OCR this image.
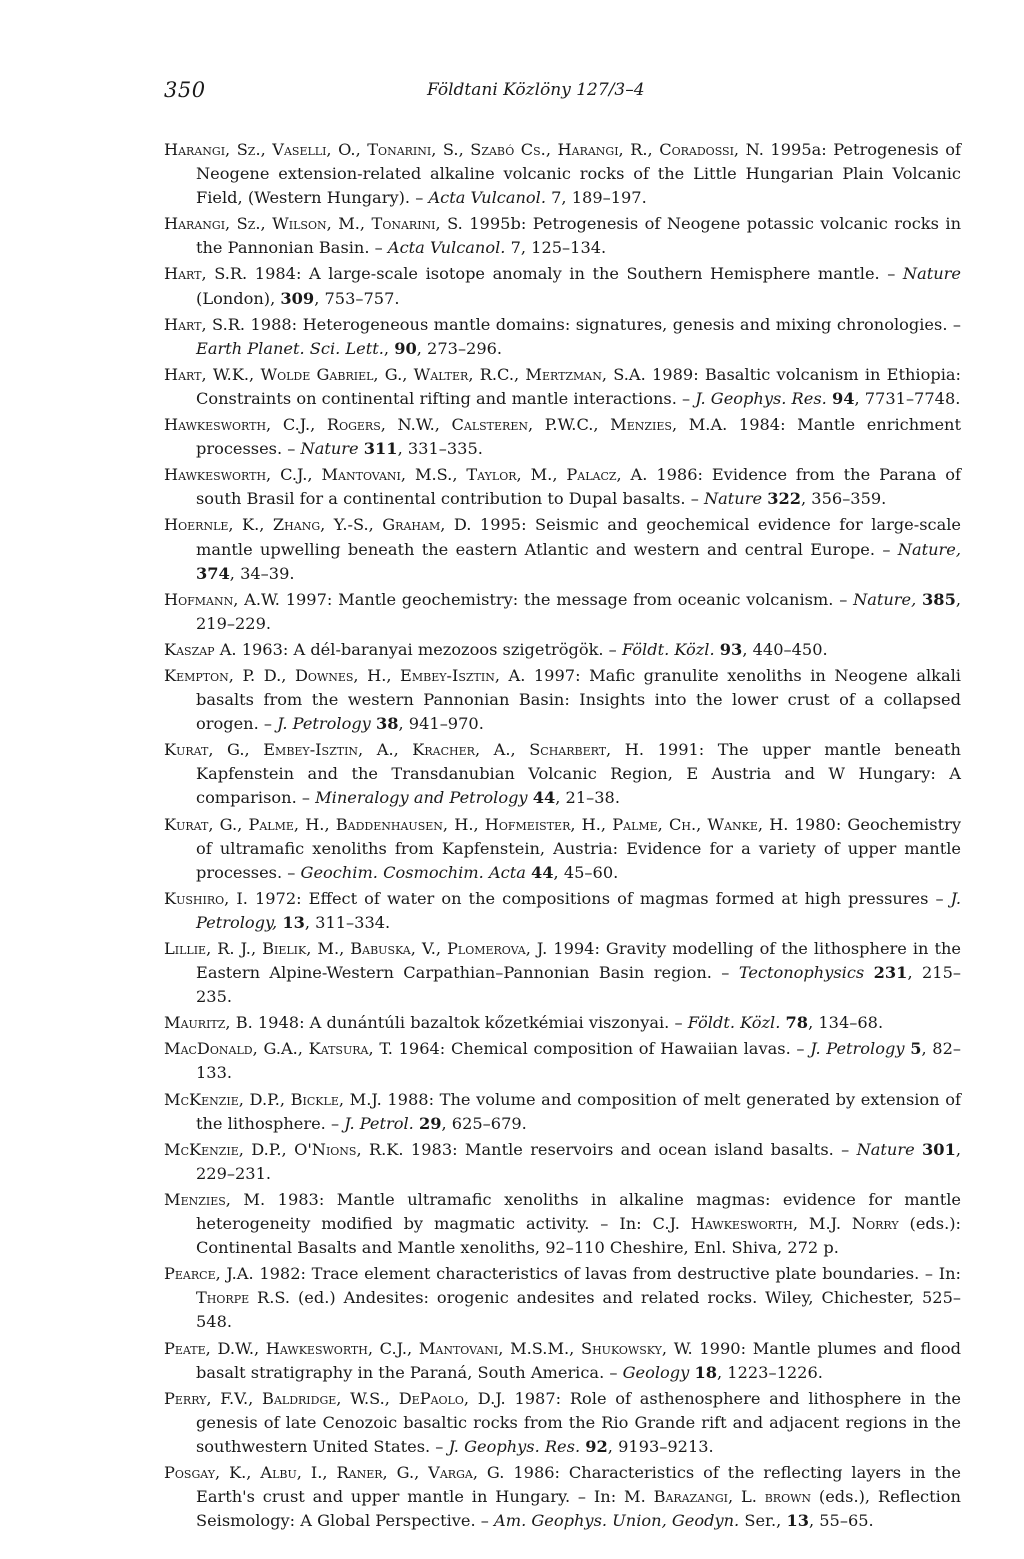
350	Földtani Közlöny 127/3–4

Harangi, Sz., Vaselli, O., Tonarini, S., Szabó Cs., Harangi, R., Coradossi, N. 1995a: Petrogenesis of Neogene extension-related alkaline volcanic rocks of the Little Hungarian Plain Volcanic Field, (Western Hungary). – Acta Vulcanol. 7, 189–197.

Harangi, Sz., Wilson, M., Tonarini, S. 1995b: Petrogenesis of Neogene potassic volcanic rocks in the Pannonian Basin. – Acta Vulcanol. 7, 125–134.

Hart, S.R. 1984: A large-scale isotope anomaly in the Southern Hemisphere mantle. – Nature (London), 309, 753–757.

Hart, S.R. 1988: Heterogeneous mantle domains: signatures, genesis and mixing chronologies. – Earth Planet. Sci. Lett., 90, 273–296.

Hart, W.K., Wolde Gabriel, G., Walter, R.C., Mertzman, S.A. 1989: Basaltic volcanism in Ethiopia: Constraints on continental rifting and mantle interactions. – J. Geophys. Res. 94, 7731–7748.

Hawkesworth, C.J., Rogers, N.W., Calsteren, P.W.C., Menzies, M.A. 1984: Mantle enrichment processes. – Nature 311, 331–335.

Hawkesworth, C.J., Mantovani, M.S., Taylor, M., Palacz, A. 1986: Evidence from the Parana of south Brasil for a continental contribution to Dupal basalts. – Nature 322, 356–359.

Hoernle, K., Zhang, Y.-S., Graham, D. 1995: Seismic and geochemical evidence for large-scale mantle upwelling beneath the eastern Atlantic and western and central Europe. – Nature, 374, 34–39.

Hofmann, A.W. 1997: Mantle geochemistry: the message from oceanic volcanism. – Nature, 385, 219–229.

Kaszap A. 1963: A dél-baranyai mezozoos szigetrögök. – Földt. Közl. 93, 440–450.

Kempton, P. D., Downes, H., Embey-Isztin, A. 1997: Mafic granulite xenoliths in Neogene alkali basalts from the western Pannonian Basin: Insights into the lower crust of a collapsed orogen. – J. Petrology 38, 941–970.

Kurat, G., Embey-Isztin, A., Kracher, A., Scharbert, H. 1991: The upper mantle beneath Kapfenstein and the Transdanubian Volcanic Region, E Austria and W Hungary: A comparison. – Mineralogy and Petrology 44, 21–38.

Kurat, G., Palme, H., Baddenhausen, H., Hofmeister, H., Palme, Ch., Wanke, H. 1980: Geochemistry of ultramafic xenoliths from Kapfenstein, Austria: Evidence for a variety of upper mantle processes. – Geochim. Cosmochim. Acta 44, 45–60.

Kushiro, I. 1972: Effect of water on the compositions of magmas formed at high pressures – J. Petrology, 13, 311–334.

Lillie, R. J., Bielik, M., Babuska, V., Plomerova, J. 1994: Gravity modelling of the lithosphere in the Eastern Alpine-Western Carpathian–Pannonian Basin region. – Tectonophysics 231, 215–235.

Mauritz, B. 1948: A dunántúli bazaltok kőzetkémiai viszonyai. – Földt. Közl. 78, 134–68.

MacDonald, G.A., Katsura, T. 1964: Chemical composition of Hawaiian lavas. – J. Petrology 5, 82–133.

McKenzie, D.P., Bickle, M.J. 1988: The volume and composition of melt generated by extension of the lithosphere. – J. Petrol. 29, 625–679.

McKenzie, D.P., O'Nions, R.K. 1983: Mantle reservoirs and ocean island basalts. – Nature 301, 229–231.

Menzies, M. 1983: Mantle ultramafic xenoliths in alkaline magmas: evidence for mantle heterogeneity modified by magmatic activity. – In: C.J. Hawkesworth, M.J. Norry (eds.): Continental Basalts and Mantle xenoliths, 92–110 Cheshire, Enl. Shiva, 272 p.

Pearce, J.A. 1982: Trace element characteristics of lavas from destructive plate boundaries. – In: Thorpe R.S. (ed.) Andesites: orogenic andesites and related rocks. Wiley, Chichester, 525–548.

Peate, D.W., Hawkesworth, C.J., Mantovani, M.S.M., Shukowsky, W. 1990: Mantle plumes and flood basalt stratigraphy in the Paraná, South America. – Geology 18, 1223–1226.

Perry, F.V., Baldridge, W.S., DePaolo, D.J. 1987: Role of asthenosphere and lithosphere in the genesis of late Cenozoic basaltic rocks from the Rio Grande rift and adjacent regions in the southwestern United States. – J. Geophys. Res. 92, 9193–9213.

Posgay, K., Albu, I., Raner, G., Varga, G. 1986: Characteristics of the reflecting layers in the Earth's crust and upper mantle in Hungary. – In: M. Barazangi, L. brown (eds.), Reflection Seismology: A Global Perspective. – Am. Geophys. Union, Geodyn. Ser., 13, 55–65.
